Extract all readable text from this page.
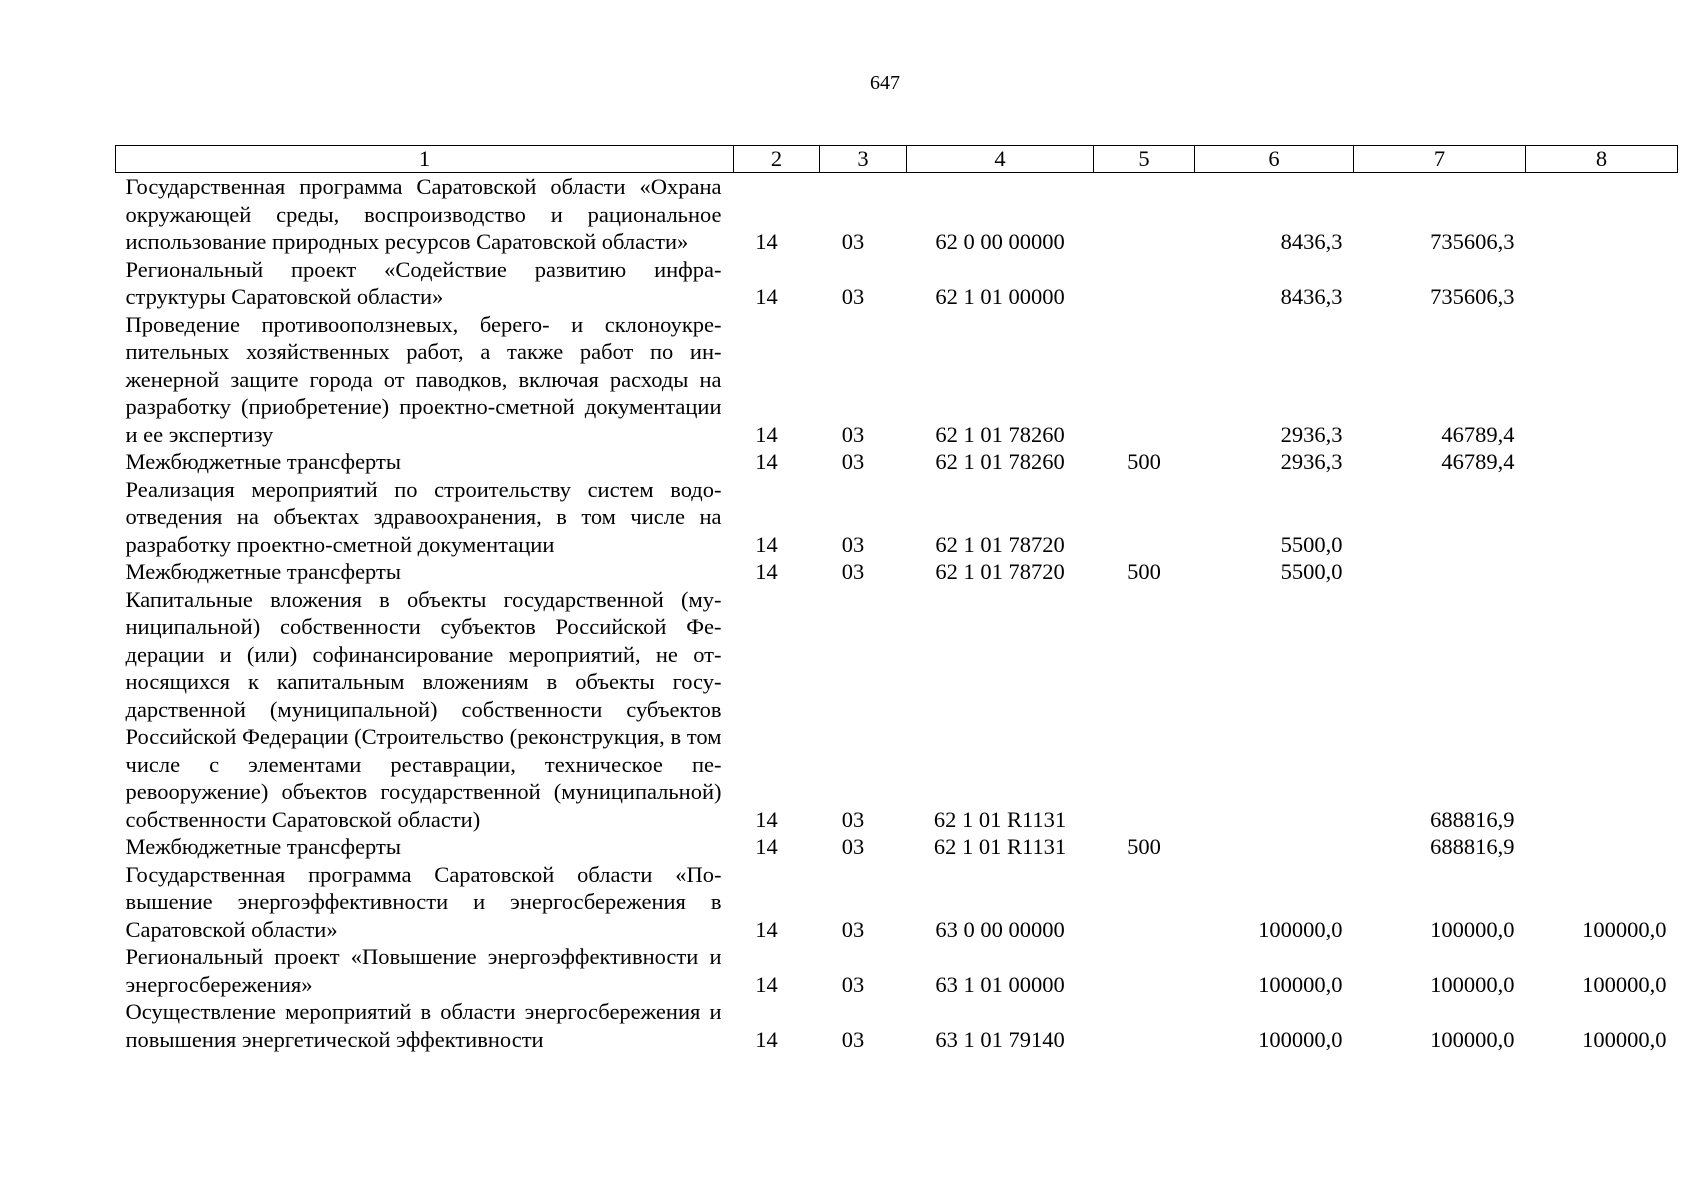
647
1	2	3	4	5	6	7	8
Государственная программа Саратовской области «Охрана окружающей среды, воспроизводство и рациональное использование природных ресурсов Саратовской области»	14	03	62 0 00 00000		8436,3	735606,3	
Региональный проект «Содействие развитию инфраструктуры Саратовской области»	14	03	62 1 01 00000		8436,3	735606,3	
Проведение противооползневых, берего- и склоноукрепительных хозяйственных работ, а также работ по инженерной защите города от паводков, включая расходы на разработку (приобретение) проектно-сметной документации и ее экспертизу	14	03	62 1 01 78260		2936,3	46789,4	
Межбюджетные трансферты	14	03	62 1 01 78260	500	2936,3	46789,4	
Реализация мероприятий по строительству систем водоотведения на объектах здравоохранения, в том числе на разработку проектно-сметной документации	14	03	62 1 01 78720		5500,0		
Межбюджетные трансферты	14	03	62 1 01 78720	500	5500,0		
Капитальные вложения в объекты государственной (муниципальной) собственности субъектов Российской Федерации и (или) софинансирование мероприятий, не относящихся к капитальным вложениям в объекты государственной (муниципальной) собственности субъектов Российской Федерации (Строительство (реконструкция, в том числе с элементами реставрации, техническое перевооружение) объектов государственной (муниципальной) собственности Саратовской области)	14	03	62 1 01 R1131			688816,9	
Межбюджетные трансферты	14	03	62 1 01 R1131	500		688816,9	
Государственная программа Саратовской области «Повышение энергоэффективности и энергосбережения в Саратовской области»	14	03	63 0 00 00000		100000,0	100000,0	100000,0
Региональный проект «Повышение энергоэффективности и энергосбережения»	14	03	63 1 01 00000		100000,0	100000,0	100000,0
Осуществление мероприятий в области энергосбережения и повышения энергетической эффективности	14	03	63 1 01 79140		100000,0	100000,0	100000,0
